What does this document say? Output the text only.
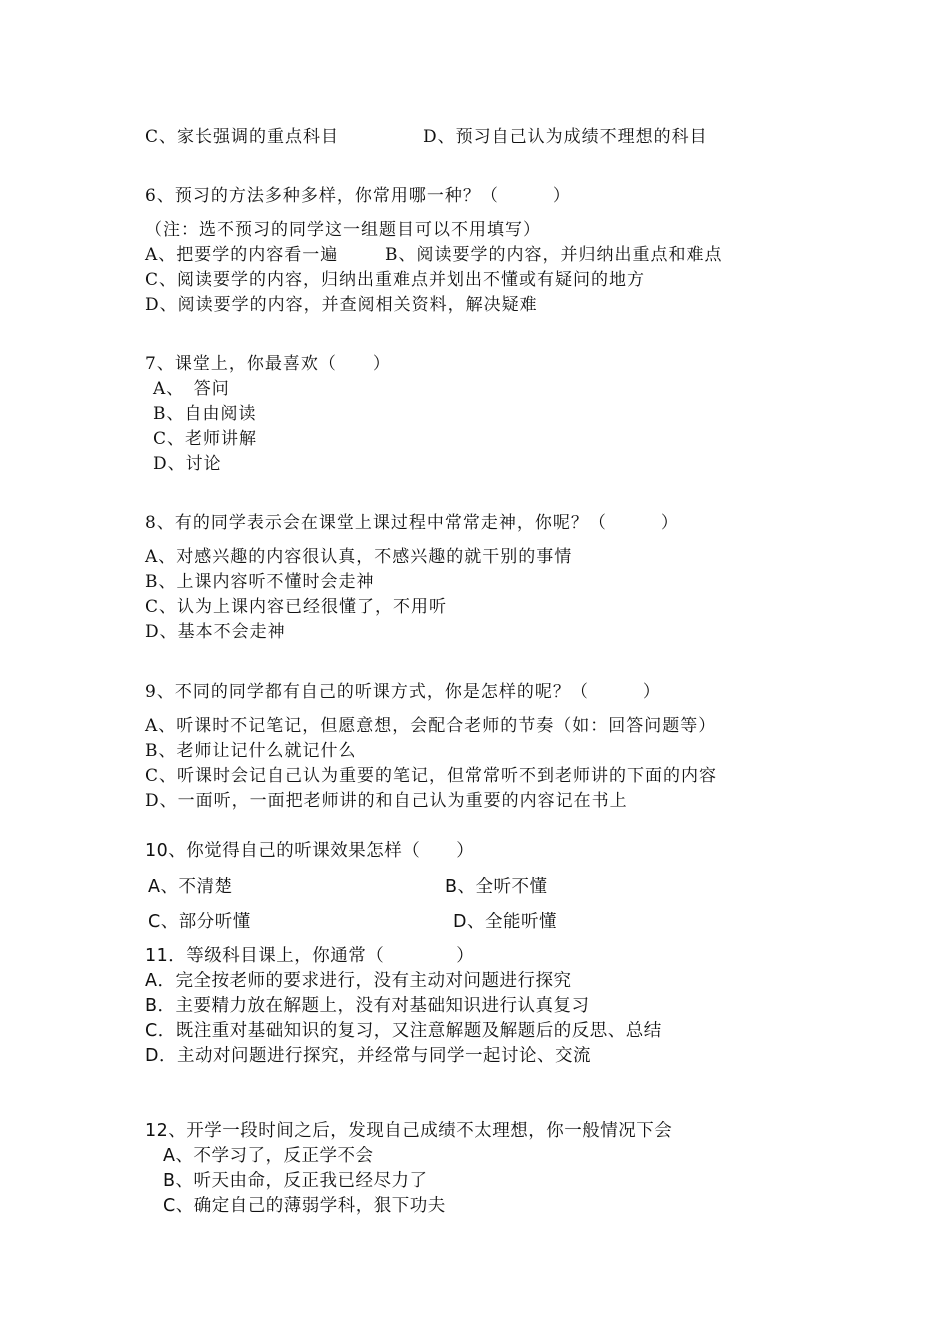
C、家长强调的重点科目	D、预习自己认为成绩不理想的科目
6、预习的方法多种多样，你常用哪一种？（　　　）
（注：选不预习的同学这一组题目可以不用填写）
A、把要学的内容看一遍	B、阅读要学的内容，并归纳出重点和难点
C、阅读要学的内容，归纳出重难点并划出不懂或有疑问的地方
D、阅读要学的内容，并查阅相关资料，解决疑难
7、课堂上，你最喜欢（　　）
A、　答问
B、自由阅读
C、老师讲解
D、讨论
8、有的同学表示会在课堂上课过程中常常走神，你呢？（　　　）
A、对感兴趣的内容很认真，不感兴趣的就干别的事情
B、上课内容听不懂时会走神
C、认为上课内容已经很懂了，不用听
D、基本不会走神
9、不同的同学都有自己的听课方式，你是怎样的呢？（　　　）
A、听课时不记笔记，但愿意想，会配合老师的节奏（如：回答问题等）
B、老师让记什么就记什么
C、听课时会记自己认为重要的笔记，但常常听不到老师讲的下面的内容
D、一面听，一面把老师讲的和自己认为重要的内容记在书上
10、你觉得自己的听课效果怎样（　　）
A、不清楚	B、全听不懂
C、部分听懂	D、全能听懂
11．等级科目课上，你通常（　　　　）
A．完全按老师的要求进行，没有主动对问题进行探究
B．主要精力放在解题上，没有对基础知识进行认真复习
C．既注重对基础知识的复习，又注意解题及解题后的反思、总结
D．主动对问题进行探究，并经常与同学一起讨论、交流
12、开学一段时间之后，发现自己成绩不太理想，你一般情况下会
A、不学习了，反正学不会
B、听天由命，反正我已经尽力了
C、确定自己的薄弱学科，狠下功夫
